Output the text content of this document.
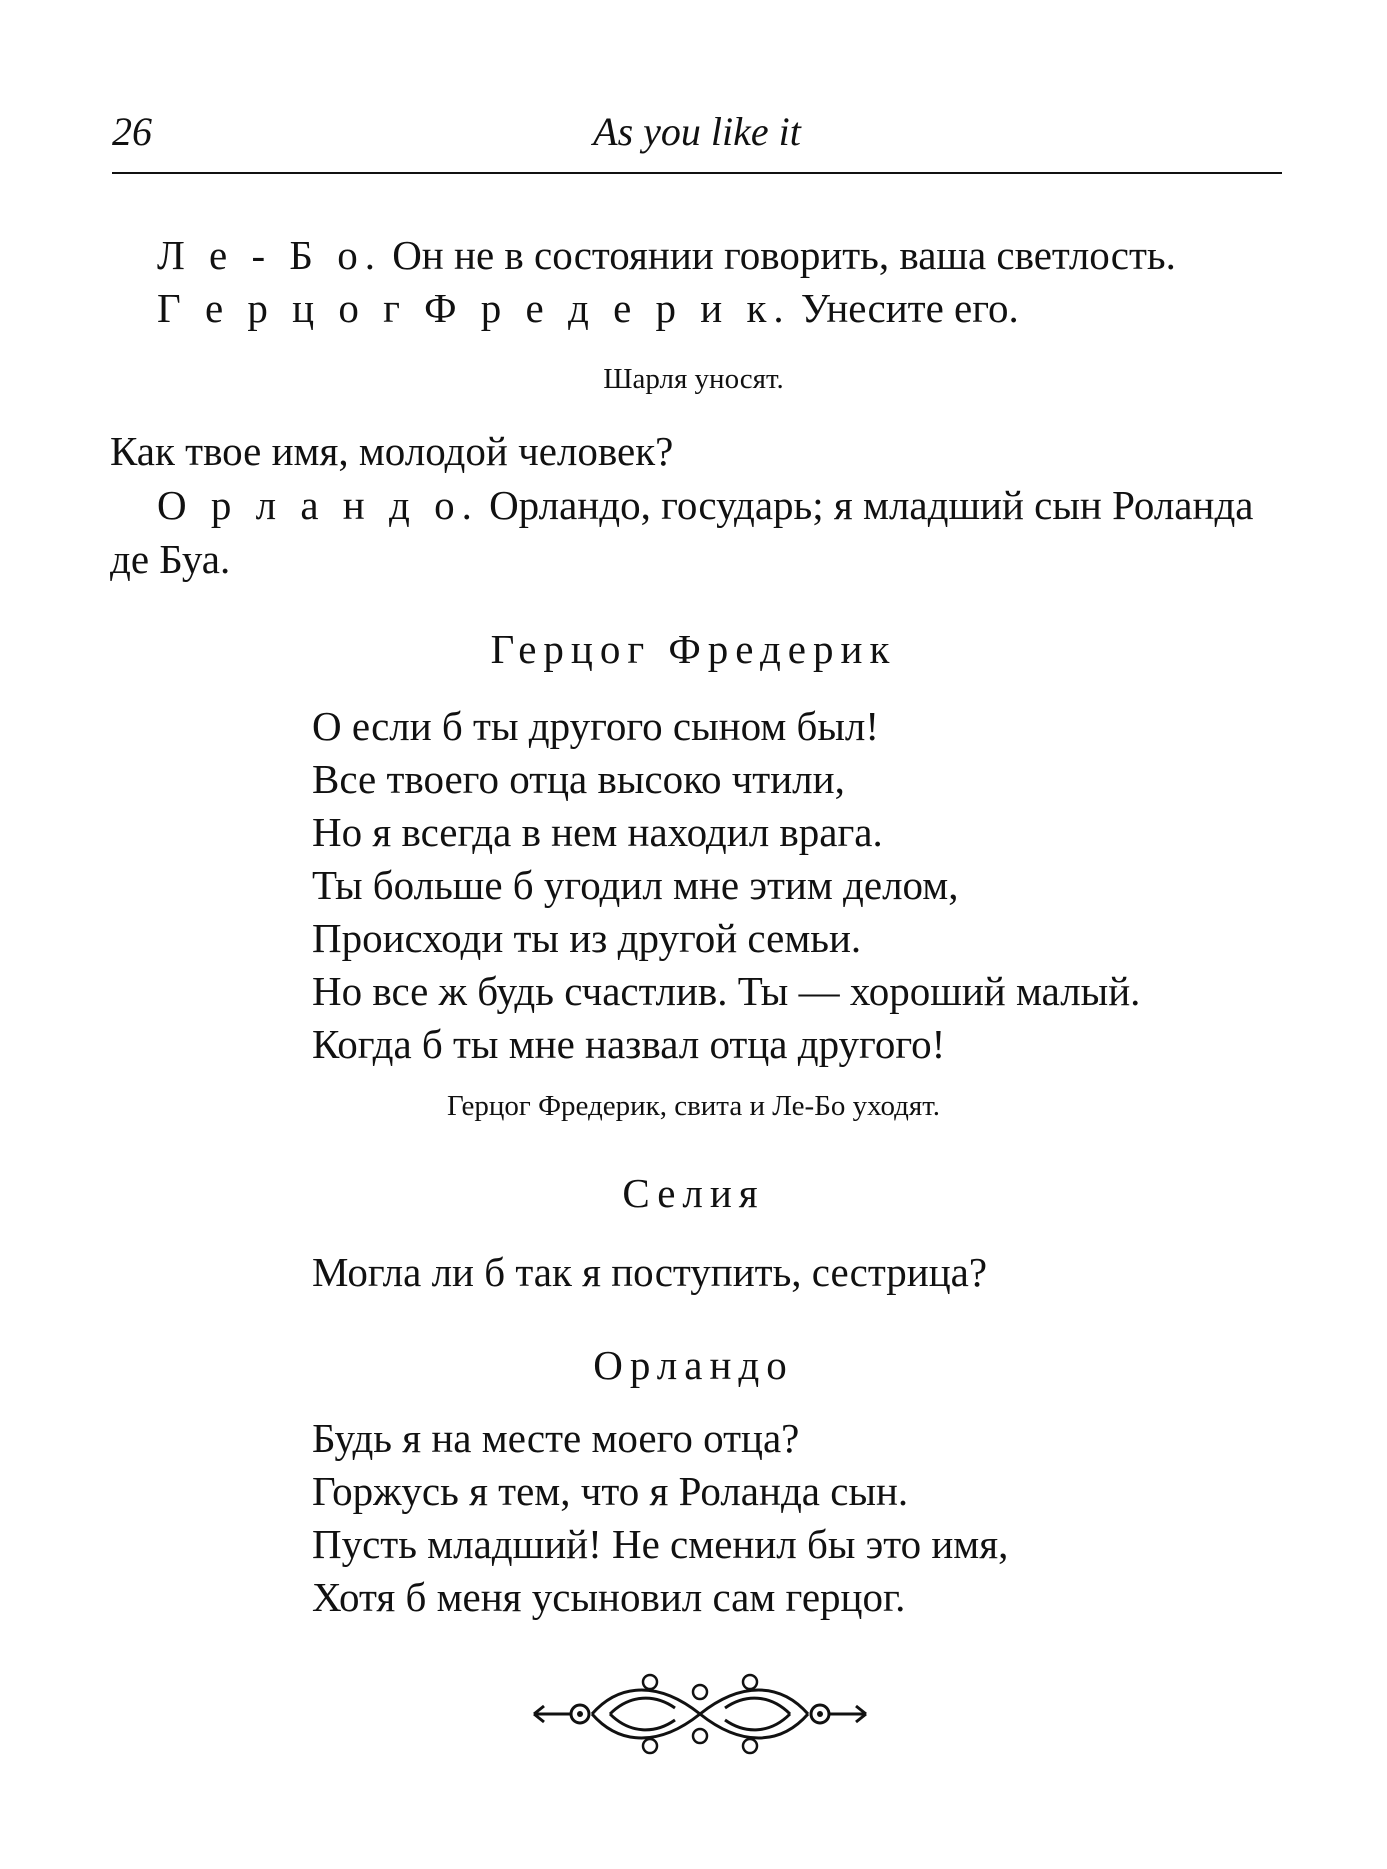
26	As you like it
Л е - Б о. Он не в состоянии говорить, ваша светлость.
Г е р ц о г Ф р е д е р и к. Унесите его.
Шарля уносят.
Как твое имя, молодой человек?
О р л а н д о. Орландо, государь; я младший сын Роланда
де Буа.
Герцог Фредерик
О если б ты другого сыном был!
Все твоего отца высоко чтили,
Но я всегда в нем находил врага.
Ты больше б угодил мне этим делом,
Происходи ты из другой семьи.
Но все ж будь счастлив. Ты — хороший малый.
Когда б ты мне назвал отца другого!
Герцог Фредерик, свита и Ле-Бо уходят.
Селия
Могла ли б так я поступить, сестрица?
Орландо
Будь я на месте моего отца?
Горжусь я тем, что я Роланда сын.
Пусть младший! Не сменил бы это имя,
Хотя б меня усыновил сам герцог.
